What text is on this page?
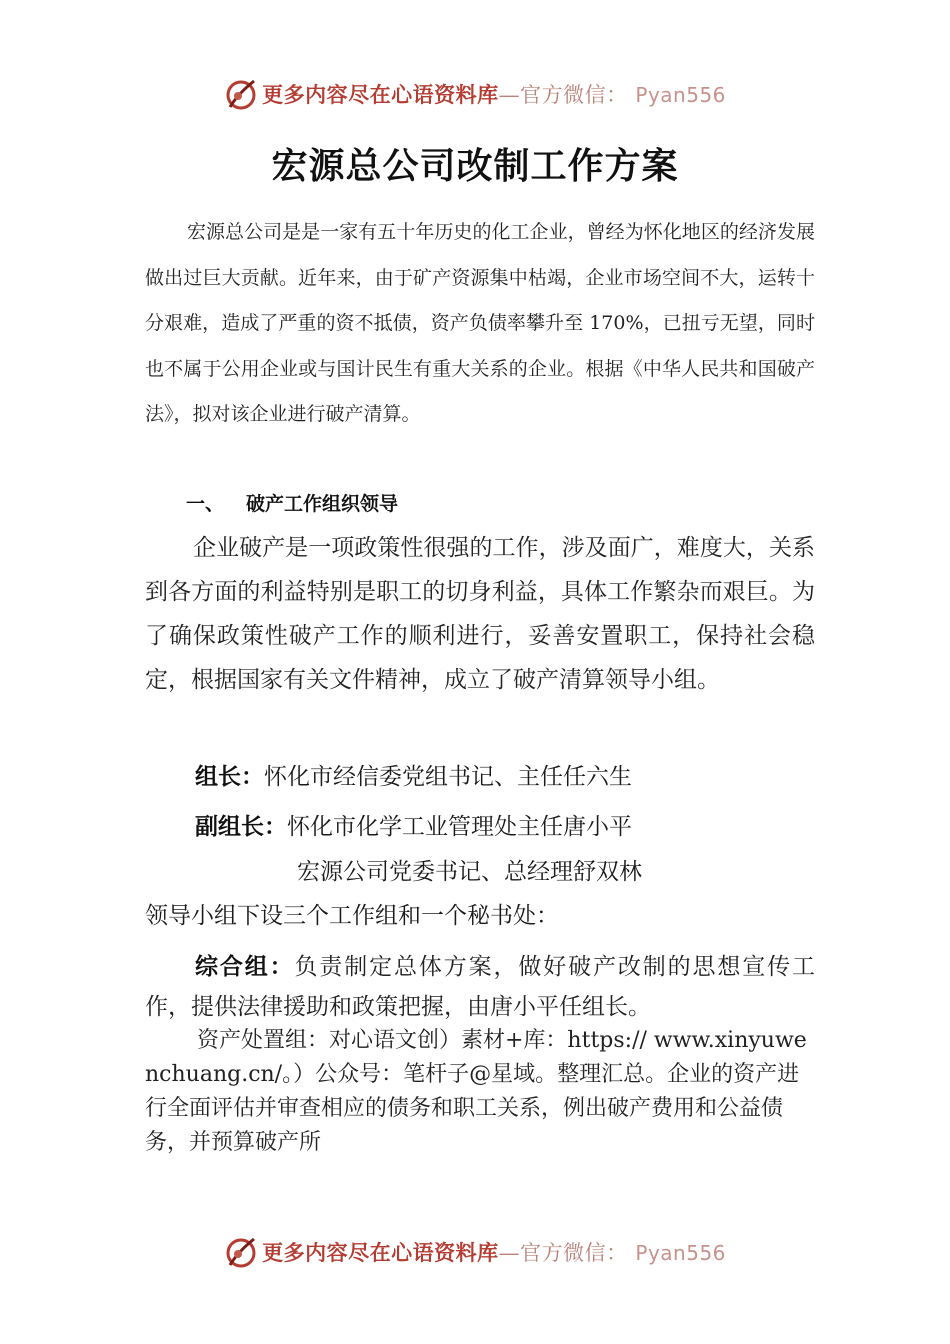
更多内容尽在心语资料库—官方微信： Pyan556
宏源总公司改制工作方案

宏源总公司是是一家有五十年历史的化工企业，曾经为怀化地区的经济发展做出过巨大贡献。近年来，由于矿产资源集中枯竭，企业市场空间不大，运转十分艰难，造成了严重的资不抵债，资产负债率攀升至 170%，已扭亏无望，同时也不属于公用企业或与国计民生有重大关系的企业。根据《中华人民共和国破产法》，拟对该企业进行破产清算。

一、 破产工作组织领导

企业破产是一项政策性很强的工作，涉及面广，难度大，关系到各方面的利益特别是职工的切身利益，具体工作繁杂而艰巨。为了确保政策性破产工作的顺利进行，妥善安置职工，保持社会稳定，根据国家有关文件精神，成立了破产清算领导小组。

组长：怀化市经信委党组书记、主任任六生

副组长：怀化市化学工业管理处主任唐小平

宏源公司党委书记、总经理舒双林

领导小组下设三个工作组和一个秘书处：

综合组：负责制定总体方案，做好破产改制的思想宣传工作，提供法律援助和政策把握，由唐小平任组长。

资产处置组：对心语文创）素材+库：https:// www.xinyuwenchuang.cn/。）公众号：笔杆子@星域。整理汇总。企业的资产进行全面评估并审查相应的债务和职工关系，例出破产费用和公益债务，并预算破产所

更多内容尽在心语资料库—官方微信： Pyan556
